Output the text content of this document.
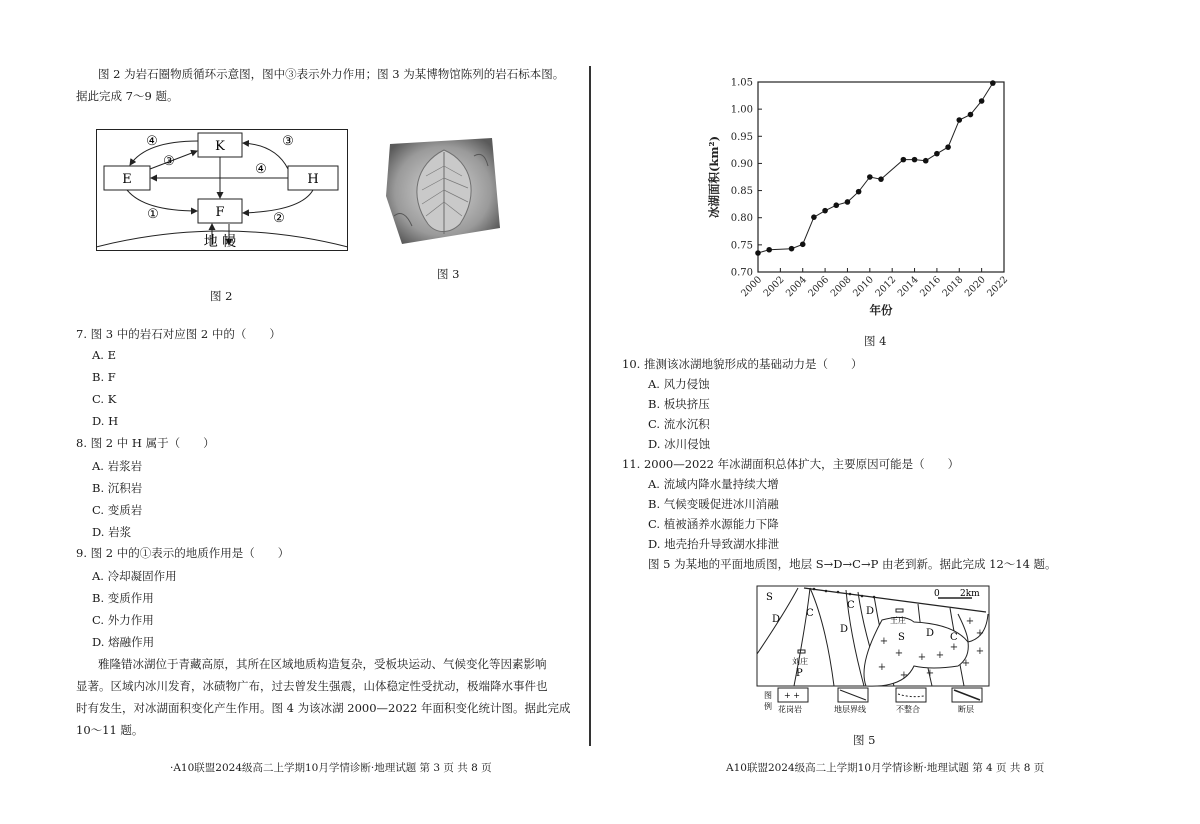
图 2 为岩石圈物质循环示意图，图中③表示外力作用；图 3 为某博物馆陈列的岩石标本图。
据此完成 7～9 题。
K
E	H
F
④
③
③
④
①	②
地 幔
图 2
图 3
7. 图 3 中的岩石对应图 2 中的（　　）
A. E
B. F
C. K
D. H
8. 图 2 中 H 属于（　　）
A. 岩浆岩
B. 沉积岩
C. 变质岩
D. 岩浆
9. 图 2 中的①表示的地质作用是（　　）
A. 冷却凝固作用
B. 变质作用
C. 外力作用
D. 熔融作用
雅隆错冰湖位于青藏高原，其所在区域地质构造复杂，受板块运动、气候变化等因素影响
显著。区域内冰川发育，冰碛物广布，过去曾发生强震，山体稳定性受扰动，极端降水事件也
时有发生，对冰湖面积变化产生作用。图 4 为该冰湖 2000—2022 年面积变化统计图。据此完成
10～11 题。
·A10联盟2024级高二上学期10月学情诊断·地理试题 第 3 页 共 8 页
0.70
0.75
0.80
0.85
0.90
0.95
1.00
1.05
2000
2002
2004
2006
2008
2010
2012
2014
2016
2018
2020
2022
年份
冰湖面积(km²)
图 4
10. 推测该冰湖地貌形成的基础动力是（　　）
A. 风力侵蚀
B. 板块挤压
C. 流水沉积
D. 冰川侵蚀
11. 2000—2022 年冰湖面积总体扩大，主要原因可能是（　　）
A. 流域内降水量持续大增
B. 气候变暖促进冰川消融
C. 植被涵养水源能力下降
D. 地壳抬升导致湖水排泄
图 5 为某地的平面地质图，地层 S→D→C→P 由老到新。据此完成 12～14 题。
+
+
+
+
+ +
+
+
+
+
+
+
S
D
C
C
D
D
S D C
P
王庄
刘庄
0 2km
图
例
+ +
花岗岩	地层界线	不整合	断层
图 5
A10联盟2024级高二上学期10月学情诊断·地理试题 第 4 页 共 8 页
